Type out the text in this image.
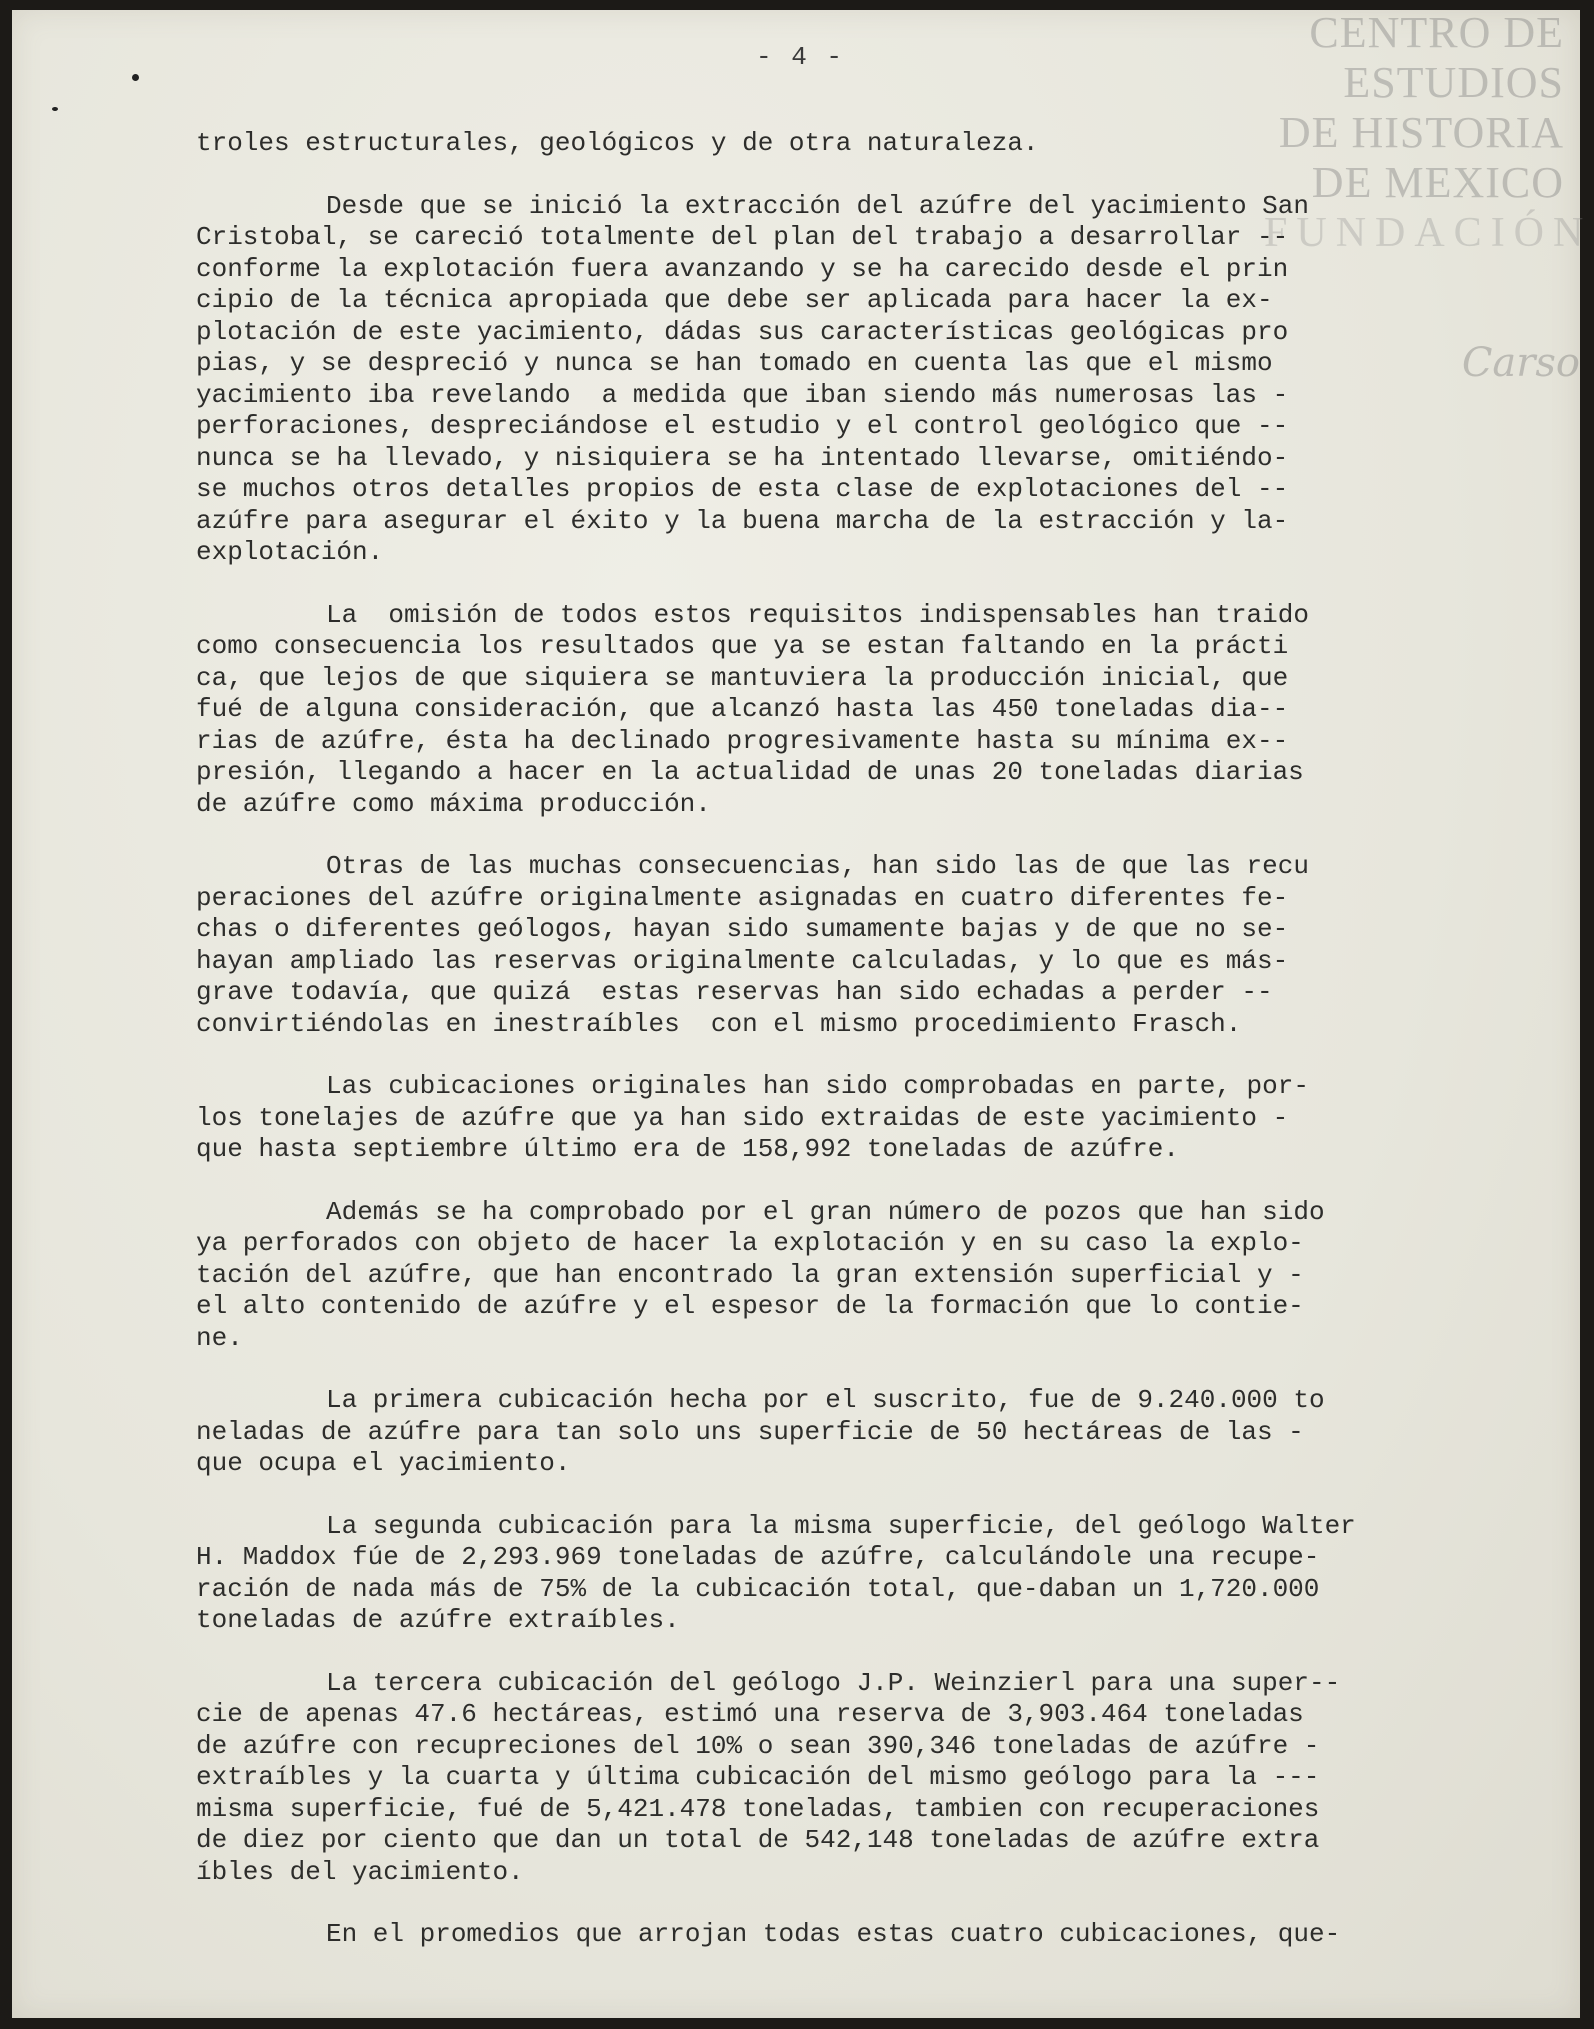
- 4 -	CENTRO DE
ESTUDIOS
DE HISTORIA
DE MEXICO
FUNDACIÓN
Carso
troles estructurales, geológicos y de otra naturaleza.
Desde que se inició la extracción del azúfre del yacimiento San
Cristobal, se careció totalmente del plan del trabajo a desarrollar --
conforme la explotación fuera avanzando y se ha carecido desde el prin
cipio de la técnica apropiada que debe ser aplicada para hacer la ex-
plotación de este yacimiento, dádas sus características geológicas pro
pias, y se despreció y nunca se han tomado en cuenta las que el mismo
yacimiento iba revelando  a medida que iban siendo más numerosas las -
perforaciones, despreciándose el estudio y el control geológico que --
nunca se ha llevado, y nisiquiera se ha intentado llevarse, omitiéndo-
se muchos otros detalles propios de esta clase de explotaciones del --
azúfre para asegurar el éxito y la buena marcha de la estracción y la-
explotación.
La  omisión de todos estos requisitos indispensables han traido
como consecuencia los resultados que ya se estan faltando en la prácti
ca, que lejos de que siquiera se mantuviera la producción inicial, que
fué de alguna consideración, que alcanzó hasta las 450 toneladas dia--
rias de azúfre, ésta ha declinado progresivamente hasta su mínima ex--
presión, llegando a hacer en la actualidad de unas 20 toneladas diarias
de azúfre como máxima producción.
Otras de las muchas consecuencias, han sido las de que las recu
peraciones del azúfre originalmente asignadas en cuatro diferentes fe-
chas o diferentes geólogos, hayan sido sumamente bajas y de que no se-
hayan ampliado las reservas originalmente calculadas, y lo que es más-
grave todavía, que quizá  estas reservas han sido echadas a perder --
convirtiéndolas en inestraíbles  con el mismo procedimiento Frasch.
Las cubicaciones originales han sido comprobadas en parte, por-
los tonelajes de azúfre que ya han sido extraidas de este yacimiento -
que hasta septiembre último era de 158,992 toneladas de azúfre.
Además se ha comprobado por el gran número de pozos que han sido
ya perforados con objeto de hacer la explotación y en su caso la explo-
tación del azúfre, que han encontrado la gran extensión superficial y -
el alto contenido de azúfre y el espesor de la formación que lo contie-
ne.
La primera cubicación hecha por el suscrito, fue de 9.240.000 to
neladas de azúfre para tan solo uns superficie de 50 hectáreas de las -
que ocupa el yacimiento.
La segunda cubicación para la misma superficie, del geólogo Walter
H. Maddox fúe de 2,293.969 toneladas de azúfre, calculándole una recupe-
ración de nada más de 75% de la cubicación total, que-daban un 1,720.000
toneladas de azúfre extraíbles.
La tercera cubicación del geólogo J.P. Weinzierl para una super--
cie de apenas 47.6 hectáreas, estimó una reserva de 3,903.464 toneladas
de azúfre con recupreciones del 10% o sean 390,346 toneladas de azúfre -
extraíbles y la cuarta y última cubicación del mismo geólogo para la ---
misma superficie, fué de 5,421.478 toneladas, tambien con recuperaciones
de diez por ciento que dan un total de 542,148 toneladas de azúfre extra
íbles del yacimiento.
En el promedios que arrojan todas estas cuatro cubicaciones, que-
